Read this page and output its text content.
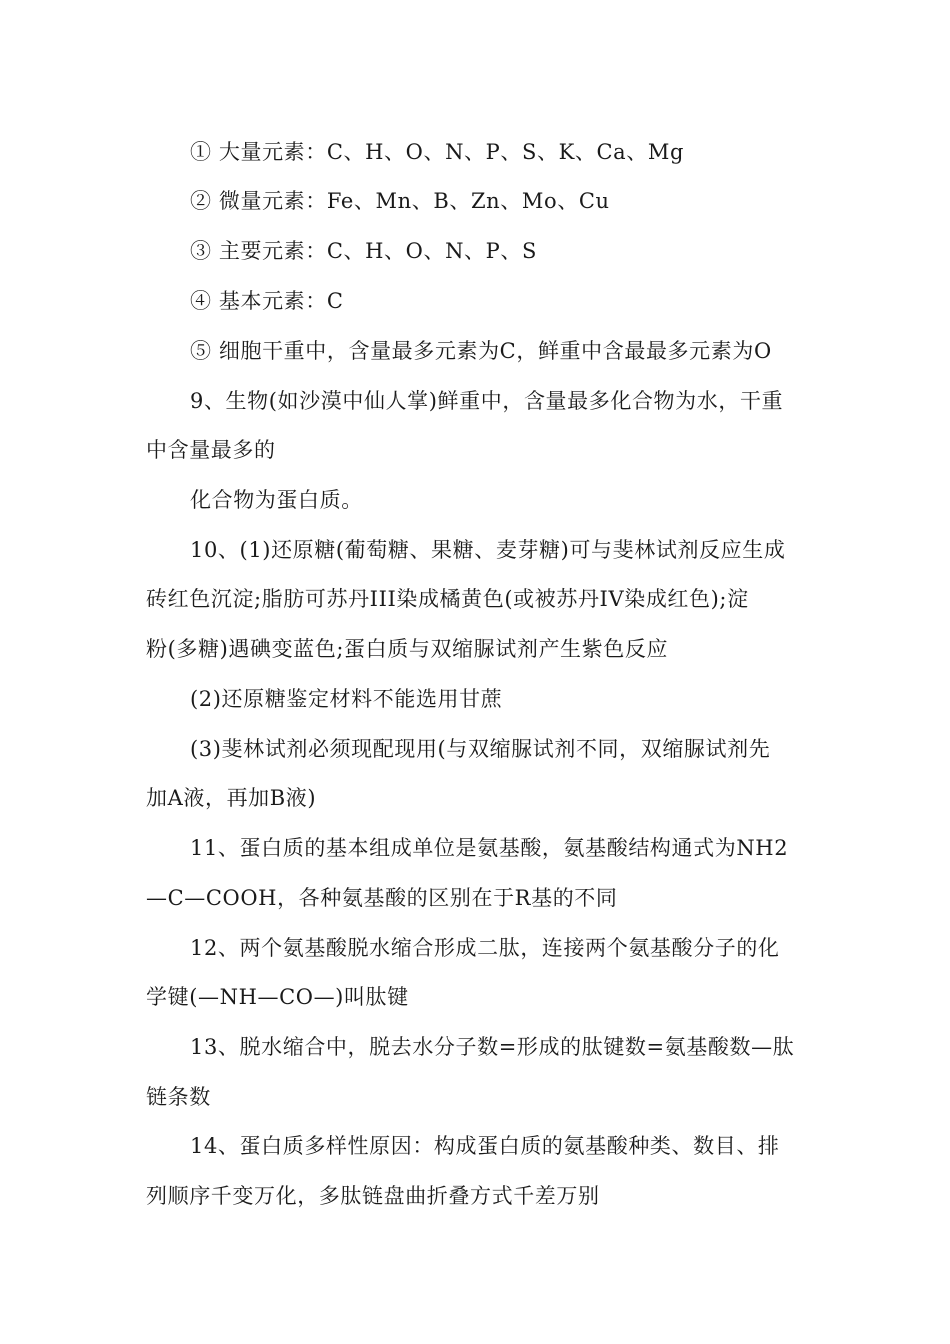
① 大量元素：C、H、O、N、P、S、K、Ca、Mg
② 微量元素：Fe、Mn、B、Zn、Mo、Cu
③ 主要元素：C、H、O、N、P、S
④ 基本元素：C
⑤ 细胞干重中，含量最多元素为C，鲜重中含最最多元素为O
9、生物(如沙漠中仙人掌)鲜重中，含量最多化合物为水，干重
中含量最多的
化合物为蛋白质。
10、(1)还原糖(葡萄糖、果糖、麦芽糖)可与斐林试剂反应生成
砖红色沉淀;脂肪可苏丹III染成橘黄色(或被苏丹IV染成红色);淀
粉(多糖)遇碘变蓝色;蛋白质与双缩脲试剂产生紫色反应
(2)还原糖鉴定材料不能选用甘蔗
(3)斐林试剂必须现配现用(与双缩脲试剂不同，双缩脲试剂先
加A液，再加B液)
11、蛋白质的基本组成单位是氨基酸，氨基酸结构通式为NH2
—C—COOH，各种氨基酸的区别在于R基的不同
12、两个氨基酸脱水缩合形成二肽，连接两个氨基酸分子的化
学键(—NH—CO—)叫肽键
13、脱水缩合中，脱去水分子数=形成的肽键数=氨基酸数—肽
链条数
14、蛋白质多样性原因：构成蛋白质的氨基酸种类、数目、排
列顺序千变万化，多肽链盘曲折叠方式千差万别
